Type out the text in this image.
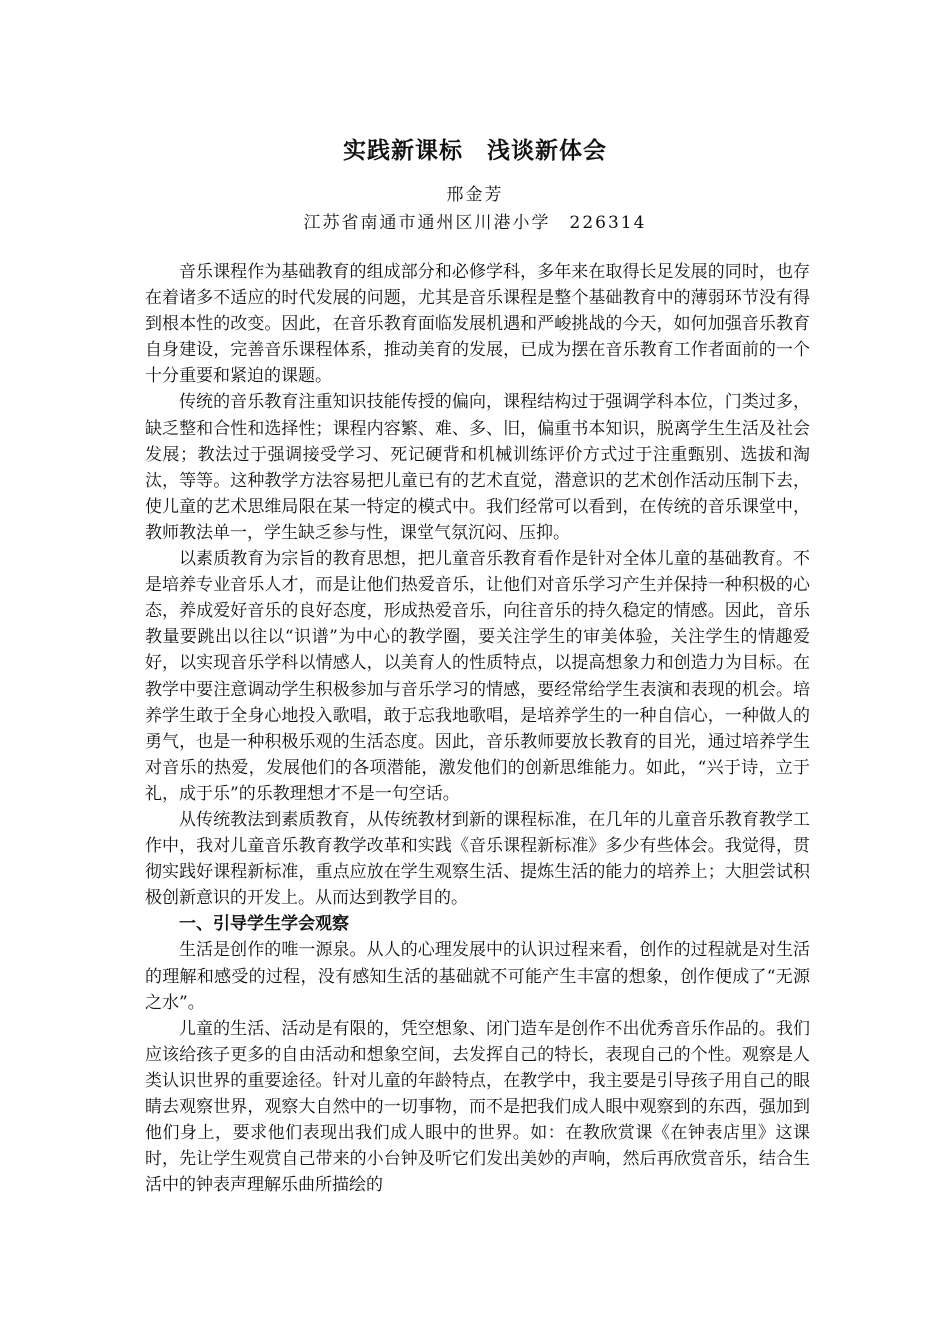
实践新课标　浅谈新体会
邢金芳
江苏省南通市通州区川港小学　226314

音乐课程作为基础教育的组成部分和必修学科，多年来在取得长足发展的同时，也存在着诸多不适应的时代发展的问题，尤其是音乐课程是整个基础教育中的薄弱环节没有得到根本性的改变。因此，在音乐教育面临发展机遇和严峻挑战的今天，如何加强音乐教育自身建设，完善音乐课程体系，推动美育的发展，已成为摆在音乐教育工作者面前的一个十分重要和紧迫的课题。

传统的音乐教育注重知识技能传授的偏向，课程结构过于强调学科本位，门类过多，缺乏整和合性和选择性；课程内容繁、难、多、旧，偏重书本知识，脱离学生生活及社会发展；教法过于强调接受学习、死记硬背和机械训练评价方式过于注重甄别、选拔和淘汰，等等。这种教学方法容易把儿童已有的艺术直觉，潜意识的艺术创作活动压制下去，使儿童的艺术思维局限在某一特定的模式中。我们经常可以看到，在传统的音乐课堂中，教师教法单一，学生缺乏参与性，课堂气氛沉闷、压抑。

以素质教育为宗旨的教育思想，把儿童音乐教育看作是针对全体儿童的基础教育。不是培养专业音乐人才，而是让他们热爱音乐，让他们对音乐学习产生并保持一种积极的心态，养成爱好音乐的良好态度，形成热爱音乐，向往音乐的持久稳定的情感。因此，音乐教量要跳出以往以“识谱”为中心的教学圈，要关注学生的审美体验，关注学生的情趣爱好，以实现音乐学科以情感人，以美育人的性质特点，以提高想象力和创造力为目标。在教学中要注意调动学生积极参加与音乐学习的情感，要经常给学生表演和表现的机会。培养学生敢于全身心地投入歌唱，敢于忘我地歌唱，是培养学生的一种自信心，一种做人的勇气，也是一种积极乐观的生活态度。因此，音乐教师要放长教育的目光，通过培养学生对音乐的热爱，发展他们的各项潜能，激发他们的创新思维能力。如此，“兴于诗，立于礼，成于乐”的乐教理想才不是一句空话。

从传统教法到素质教育，从传统教材到新的课程标准，在几年的儿童音乐教育教学工作中，我对儿童音乐教育教学改革和实践《音乐课程新标准》多少有些体会。我觉得，贯彻实践好课程新标准，重点应放在学生观察生活、提炼生活的能力的培养上；大胆尝试积极创新意识的开发上。从而达到教学目的。

一、引导学生学会观察

生活是创作的唯一源泉。从人的心理发展中的认识过程来看，创作的过程就是对生活的理解和感受的过程，没有感知生活的基础就不可能产生丰富的想象，创作便成了“无源之水”。

儿童的生活、活动是有限的，凭空想象、闭门造车是创作不出优秀音乐作品的。我们应该给孩子更多的自由活动和想象空间，去发挥自己的特长，表现自己的个性。观察是人类认识世界的重要途径。针对儿童的年龄特点，在教学中，我主要是引导孩子用自己的眼睛去观察世界，观察大自然中的一切事物，而不是把我们成人眼中观察到的东西，强加到他们身上，要求他们表现出我们成人眼中的世界。如：在教欣赏课《在钟表店里》这课时，先让学生观赏自己带来的小台钟及听它们发出美妙的声响，然后再欣赏音乐，结合生活中的钟表声理解乐曲所描绘的
